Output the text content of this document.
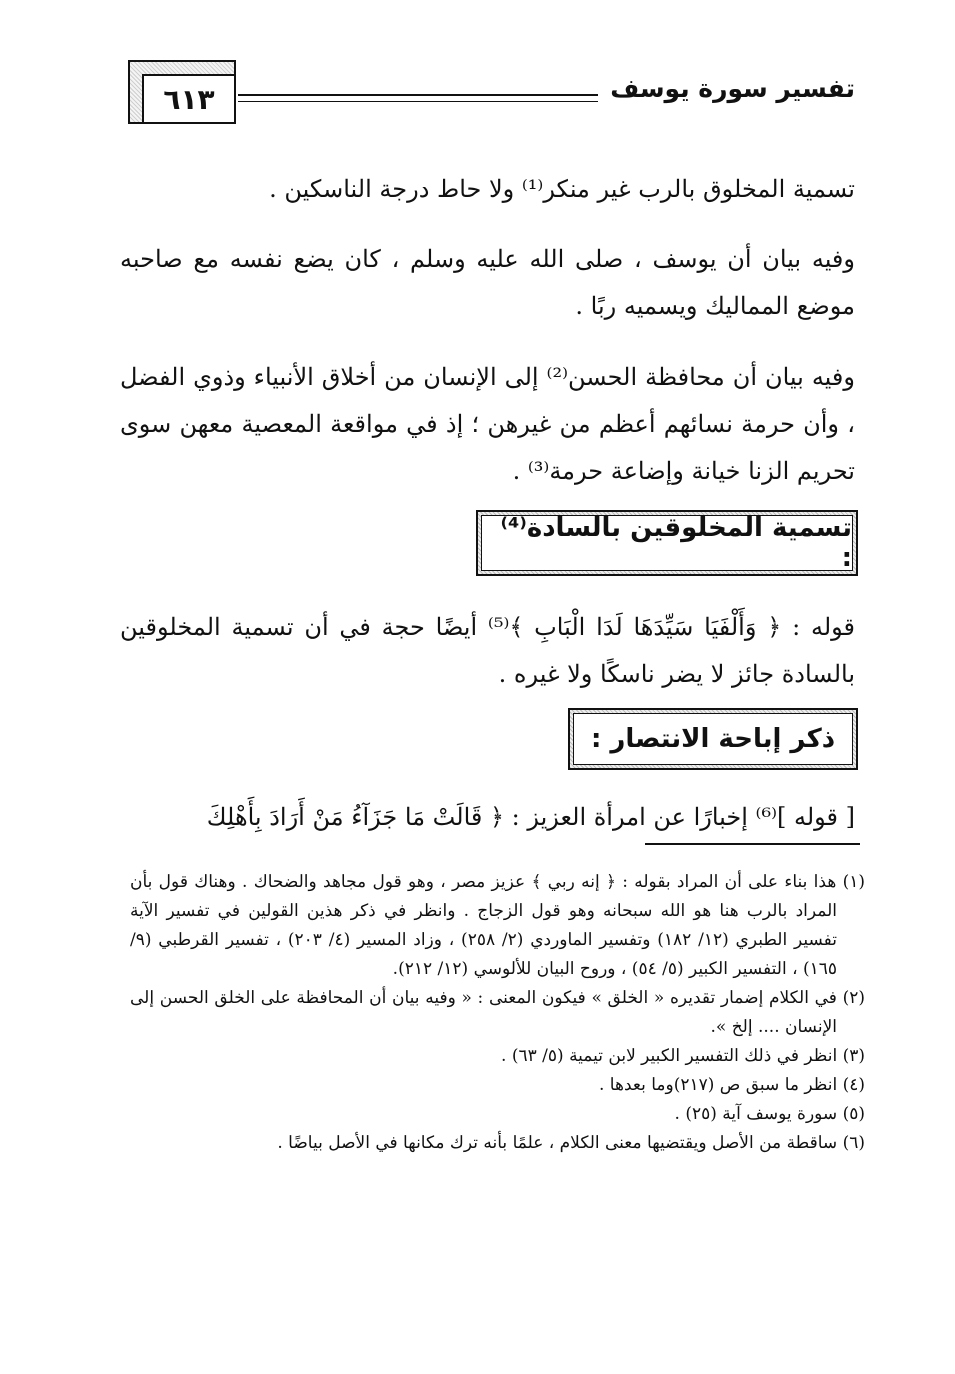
٦١٣	تفسير سورة يوسف
تسمية المخلوق بالرب غير منكر⁽¹⁾ ولا حاط درجة الناسكين .
وفيه بيان أن يوسف ، صلى الله عليه وسلم ، كان يضع نفسه مع صاحبه موضع المماليك ويسميه ربًا .
وفيه بيان أن محافظة الحسن⁽²⁾ إلى الإنسان من أخلاق الأنبياء وذوي الفضل ، وأن حرمة نسائهم أعظم من غيرهن ؛ إذ في مواقعة المعصية معهن سوى تحريم الزنا خيانة وإضاعة حرمة⁽³⁾ .
تسمية المخلوقين بالسادة⁽⁴⁾ :
قوله : ﴿ وَأَلْفَيَا سَيِّدَهَا لَدَا الْبَابِ ﴾⁽⁵⁾ أيضًا حجة في أن تسمية المخلوقين بالسادة جائز لا يضر ناسكًا ولا غيره .
ذكر إباحة الانتصار :
[ قوله ]⁽⁶⁾ إخبارًا عن امرأة العزيز : ﴿ قَالَتْ مَا جَزَآءُ مَنْ أَرَادَ بِأَهْلِكَ
(١) هذا بناء على أن المراد بقوله : ﴿ إنه ربي ﴾ عزيز مصر ، وهو قول مجاهد والضحاك . وهناك قول بأن المراد بالرب هنا هو الله سبحانه وهو قول الزجاج . وانظر في ذكر هذين القولين في تفسير الآية تفسير الطبري (١٢/ ١٨٢) وتفسير الماوردي (٢/ ٢٥٨) ، وزاد المسير (٤/ ٢٠٣) ، تفسير القرطبي (٩/ ١٦٥) ، التفسير الكبير (٥/ ٥٤) ، وروح البيان للألوسي (١٢/ ٢١٢).
(٢) في الكلام إضمار تقديره « الخلق » فيكون المعنى : « وفيه بيان أن المحافظة على الخلق الحسن إلى الإنسان .... إلخ ».
(٣) انظر في ذلك التفسير الكبير لابن تيمية (٥/ ٦٣) .
(٤) انظر ما سبق ص (٢١٧)وما بعدها .
(٥) سورة يوسف آية (٢٥) .
(٦) ساقطة من الأصل ويقتضيها معنى الكلام ، علمًا بأنه ترك مكانها في الأصل بياضًا .
